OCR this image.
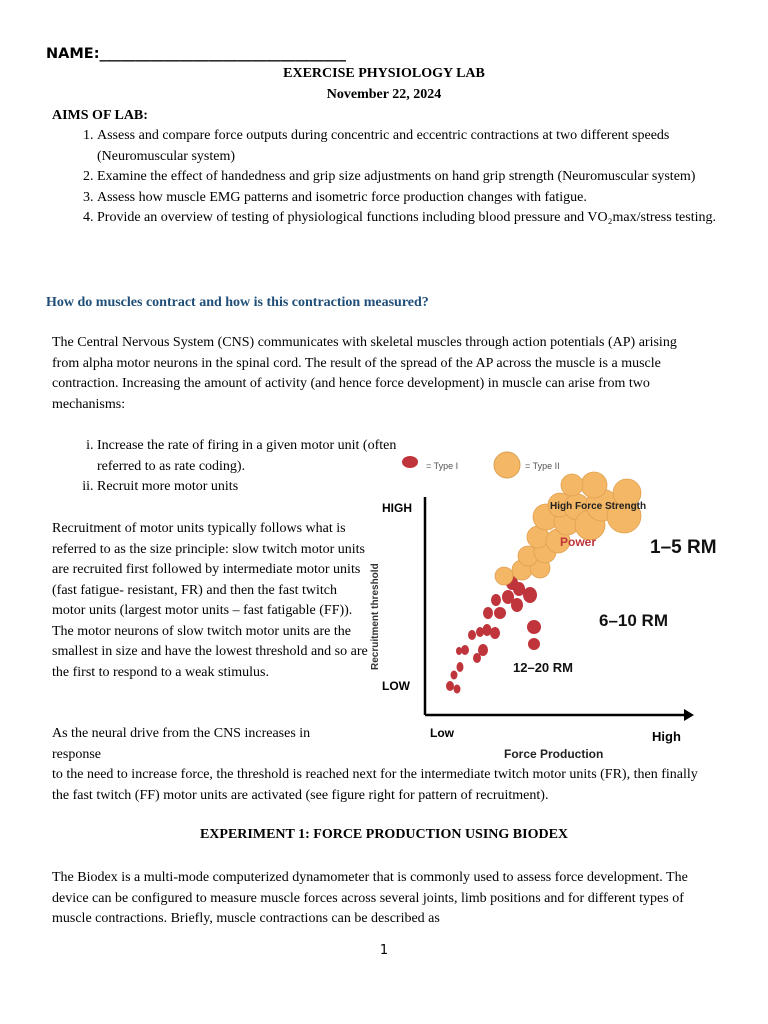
NAME:__________________________________
EXERCISE PHYSIOLOGY LAB
November 22, 2024
AIMS OF LAB:
1. Assess and compare force outputs during concentric and eccentric contractions at two different speeds (Neuromuscular system)
2. Examine the effect of handedness and grip size adjustments on hand grip strength (Neuromuscular system)
3. Assess how muscle EMG patterns and isometric force production changes with fatigue.
4. Provide an overview of testing of physiological functions including blood pressure and VO₂max/stress testing.
How do muscles contract and how is this contraction measured?
The Central Nervous System (CNS) communicates with skeletal muscles through action potentials (AP) arising from alpha motor neurons in the spinal cord. The result of the spread of the AP across the muscle is a muscle contraction. Increasing the amount of activity (and hence force development) in muscle can arise from two mechanisms:
i. Increase the rate of firing in a given motor unit (often referred to as rate coding).
ii. Recruit more motor units
Recruitment of motor units typically follows what is referred to as the size principle: slow twitch motor units are recruited first followed by intermediate motor units (fast fatigue- resistant, FR) and then the fast twitch motor units (largest motor units – fast fatigable (FF)). The motor neurons of slow twitch motor units are the smallest in size and have the lowest threshold and so are the first to respond to a weak stimulus.
As the neural drive from the CNS increases in response
to the need to increase force, the threshold is reached next for the intermediate twitch motor units (FR), then finally the fast twitch (FF) motor units are activated (see figure right for pattern of recruitment).
EXPERIMENT 1: FORCE PRODUCTION USING BIODEX
The Biodex is a multi-mode computerized dynamometer that is commonly used to assess force development. The device can be configured to measure muscle forces across several joints, limb positions and for different types of muscle contractions. Briefly, muscle contractions can be described as
1
= Type I	= Type II
HIGH
LOW
Recruitment threshold
Low	High
Force Production
High Force Strength
Power	1–5 RM
6–10 RM
12–20 RM
